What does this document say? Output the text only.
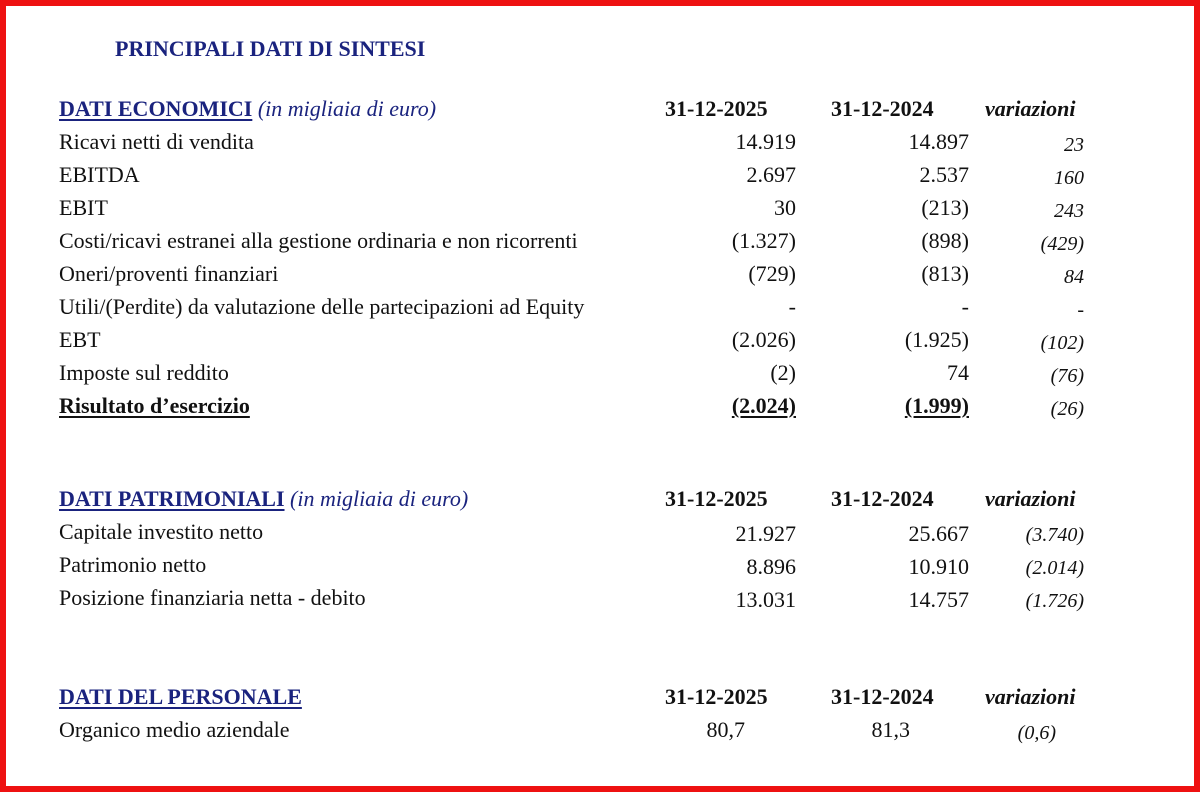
PRINCIPALI DATI DI SINTESI
DATI ECONOMICI (in migliaia di euro)	31-12-2025	31-12-2024 variazioni
Ricavi netti di vendita	14.919	14.897	23
EBITDA	2.697	2.537	160
EBIT	30	(213)	243
Costi/ricavi estranei alla gestione ordinaria e non ricorrenti	(1.327)	(898)	(429)
Oneri/proventi finanziari	(729)	(813)	84
Utili/(Perdite) da valutazione delle partecipazioni ad Equity	-	-	-
EBT	(2.026)	(1.925)	(102)
Imposte sul reddito	(2)	74	(76)
Risultato d’esercizio	(2.024)	(1.999)	(26)
DATI PATRIMONIALI (in migliaia di euro)	31-12-2025	31-12-2024 variazioni
Capitale investito netto	21.927	25.667	(3.740)
Patrimonio netto	8.896	10.910	(2.014)
Posizione finanziaria netta - debito	13.031	14.757	(1.726)
DATI DEL PERSONALE	31-12-2025	31-12-2024 variazioni
Organico medio aziendale	80,7	81,3	(0,6)
